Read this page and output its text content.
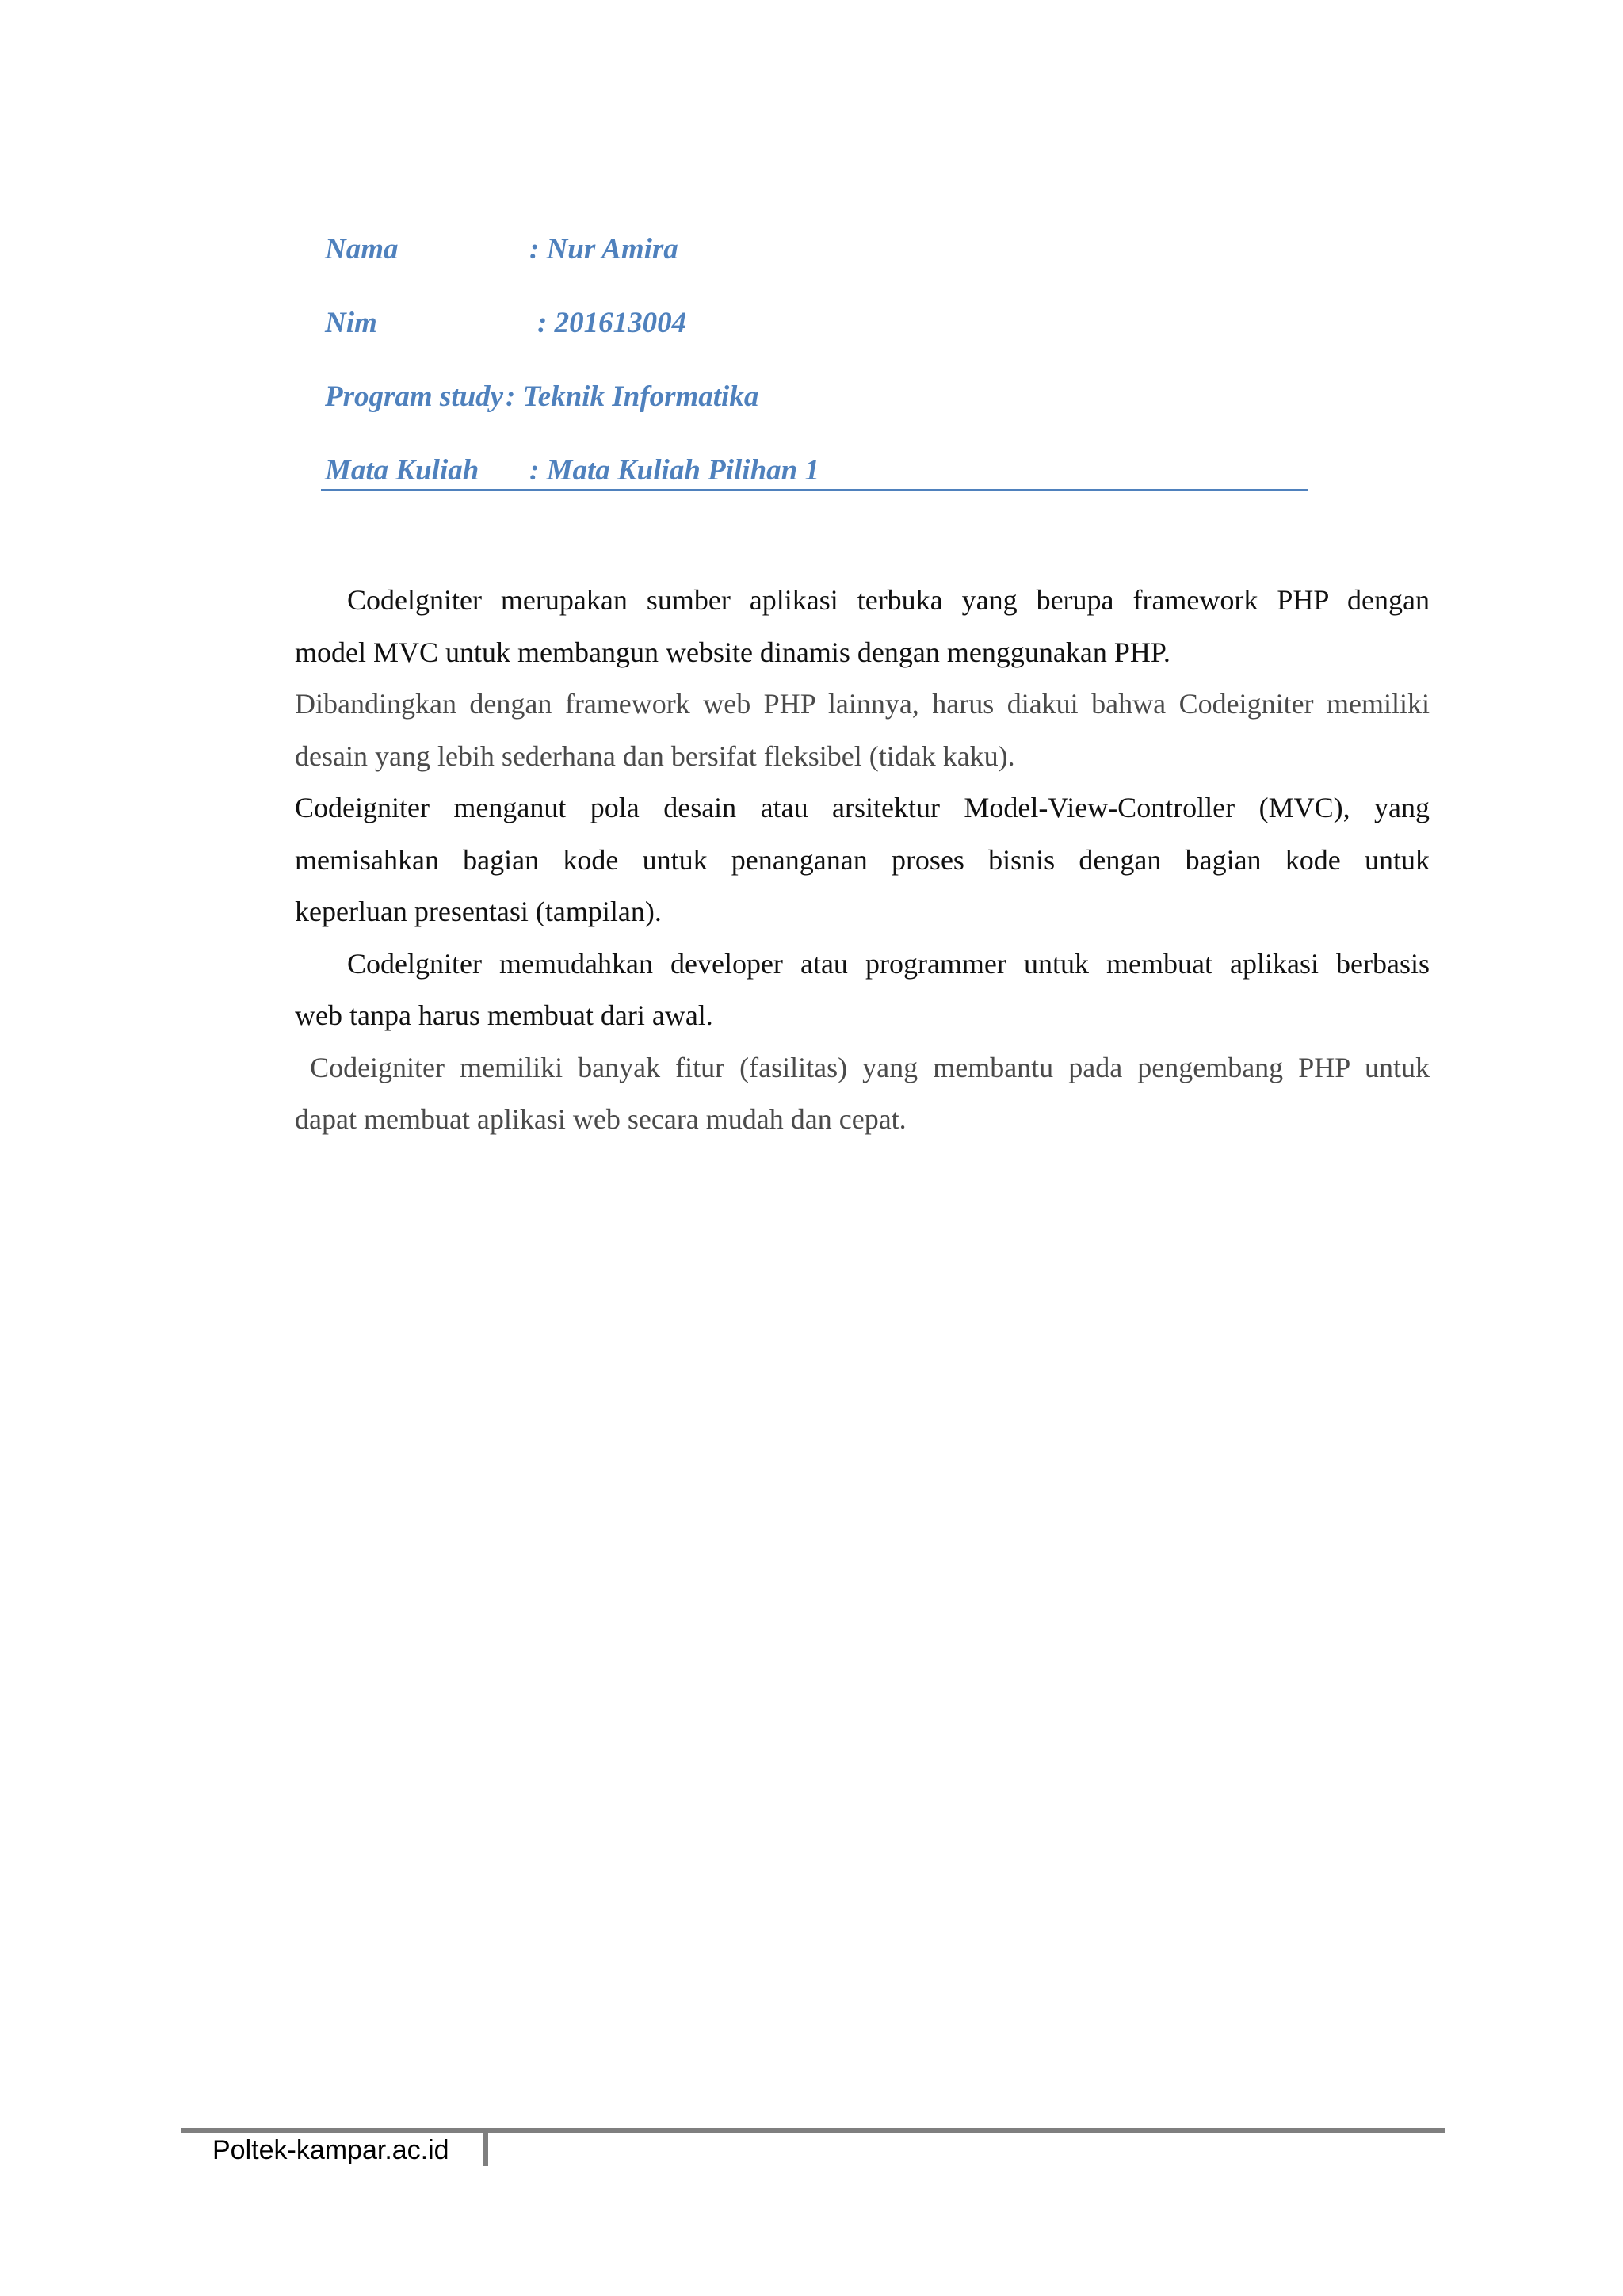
Nama	: Nur Amira
Nim	: 201613004
Program study : Teknik Informatika
Mata Kuliah : Mata Kuliah Pilihan 1

Codelgniter merupakan sumber aplikasi terbuka yang berupa framework PHP dengan
model MVC untuk membangun website dinamis dengan menggunakan PHP.

Dibandingkan dengan framework web PHP lainnya, harus diakui bahwa Codeigniter memiliki
desain yang lebih sederhana dan bersifat fleksibel (tidak kaku).

Codeigniter menganut pola desain atau arsitektur Model-View-Controller (MVC), yang
memisahkan bagian kode untuk penanganan proses bisnis dengan bagian kode untuk
keperluan presentasi (tampilan).

Codelgniter memudahkan developer atau programmer untuk membuat aplikasi berbasis
web tanpa harus membuat dari awal.

Codeigniter memiliki banyak fitur (fasilitas) yang membantu pada pengembang PHP untuk
dapat membuat aplikasi web secara mudah dan cepat.

Poltek-kampar.ac.id
